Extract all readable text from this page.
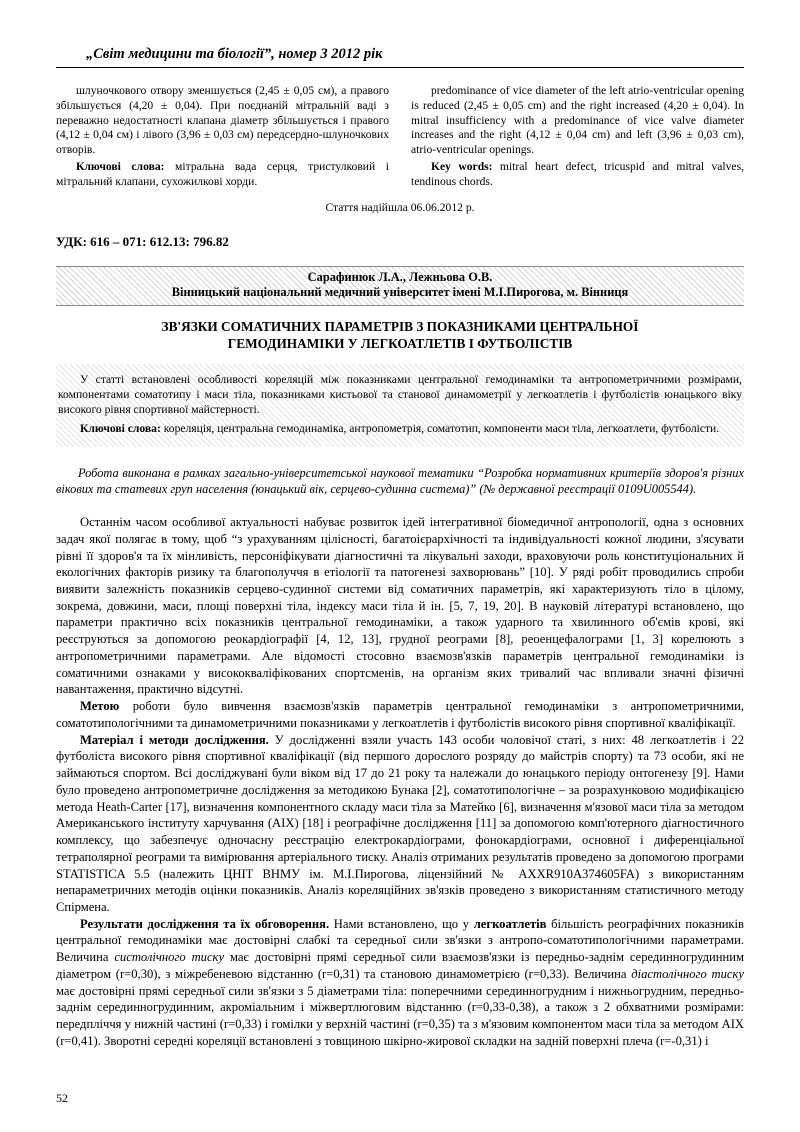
„Світ медицини та біології”, номер 3 2012 рік

шлуночкового отвору зменшується (2,45 ± 0,05 см), а правого збільшується (4,20 ± 0,04). При поєднаній мітральній ваді з переважно недостатності клапана діаметр збільшується і правого (4,12 ± 0,04 см) і лівого (3,96 ± 0,03 см) передсердно-шлуночкових отворів.

Ключові слова: мітральна вада серця, тристулковий і мітральний клапани, сухожилкові хорди.

predominance of vice diameter of the left atrio-ventricular opening is reduced (2,45 ± 0,05 cm) and the right increased (4,20 ± 0,04). In mitral insufficiency with a predominance of vice valve diameter increases and the right (4,12 ± 0,04 cm) and left (3,96 ± 0,03 cm), atrio-ventricular openings.

Key words: mitral heart defect, tricuspid and mitral valves, tendinous chords.

Стаття надійшла 06.06.2012 р.
УДК: 616 – 071: 612.13: 796.82
Сарафинюк Л.А., Лежньова О.В.
Вінницький національний медичний університет імені М.І.Пирогова, м. Вінниця
ЗВ'ЯЗКИ СОМАТИЧНИХ ПАРАМЕТРІВ З ПОКАЗНИКАМИ ЦЕНТРАЛЬНОЇ
ГЕМОДИНАМІКИ У ЛЕГКОАТЛЕТІВ І ФУТБОЛІСТІВ

У статті встановлені особливості кореляцій між показниками центральної гемодинаміки та антропометричними розмірами, компонентами соматотипу і маси тіла, показниками кистьової та станової динамометрії у легкоатлетів і футболістів юнацького віку високого рівня спортивної майстерності.

Ключові слова: кореляція, центральна гемодинаміка, антропометрія, соматотип, компоненти маси тіла, легкоатлети, футболісти.

Робота виконана в рамках загально-університетської наукової тематики “Розробка нормативних критеріїв здоров'я різних вікових та статевих груп населення (юнацький вік, серцево-судинна система)” (№ державної реєстрації 0109U005544).

Останнім часом особливої актуальності набуває розвиток ідей інтегративної біомедичної антропології, одна з основних задач якої полягає в тому, щоб “з урахуванням цілісності, багатоієрархічності та індивідуальності кожної людини, з'ясувати рівні її здоров'я та їх мінливість, персоніфікувати діагностичні та лікувальні заходи, враховуючи роль конституціональних й екологічних факторів ризику та благополуччя в етіології та патогенезі захворювань” [10]. У ряді робіт проводились спроби виявити залежність показників серцево-судинної системи від соматичних параметрів, які характеризують тіло в цілому, зокрема, довжини, маси, площі поверхні тіла, індексу маси тіла й ін. [5, 7, 19, 20]. В науковій літературі встановлено, що параметри практично всіх показників центральної гемодинаміки, а також ударного та хвилинного об'ємів крові, які реєструються за допомогою реокардіографії [4, 12, 13], грудної реограми [8], реоенцефалограми [1, 3] корелюють з антропометричними параметрами. Але відомості стосовно взаємозв'язків параметрів центральної гемодинаміки із соматичними ознаками у висококваліфікованих спортсменів, на організм яких тривалий час впливали значні фізичні навантаження, практично відсутні.

Метою роботи було вивчення взаємозв'язків параметрів центральної гемодинаміки з антропометричними, соматотипологічними та динамометричними показниками у легкоатлетів і футболістів високого рівня спортивної кваліфікації.

Матеріал і методи дослідження. У дослідженні взяли участь 143 особи чоловічої статі, з них: 48 легкоатлетів і 22 футболіста високого рівня спортивної кваліфікації (від першого дорослого розряду до майстрів спорту) та 73 особи, які не займаються спортом. Всі досліджувані були віком від 17 до 21 року та належали до юнацького періоду онтогенезу [9]. Нами було проведено антропометричне дослідження за методикою Бунака [2], соматотипологічне – за розрахунковою модифікацією метода Heath-Carter [17], визначення компонентного складу маси тіла за Матейко [6], визначення м'язової маси тіла за методом Американського інституту харчування (AIX) [18] і реографічне дослідження [11] за допомогою комп'ютерного діагностичного комплексу, що забезпечує одночасну реєстрацію електрокардіограми, фонокардіограми, основної і диференціальної тетраполярної реограми та вимірювання артеріального тиску. Аналіз отриманих результатів проведено за допомогою програми STATISTICA 5.5 (належить ЦНІТ ВНМУ ім. М.І.Пирогова, ліцензійний № AXXR910A374605FA) з використанням непараметричних методів оцінки показників. Аналіз кореляційних зв'язків проведено з використанням статистичного методу Спірмена.

Результати дослідження та їх обговорення. Нами встановлено, що у легкоатлетів більшість реографічних показників центральної гемодинаміки має достовірні слабкі та середньої сили зв'язки з антропо-соматотипологічними параметрами. Величина систолічного тиску має достовірні прямі середньої сили взаємозв'язки із передньо-заднім серединногрудинним діаметром (r=0,30), з міжребеневою відстанню (r=0,31) та становою динамометрією (r=0,33). Величина діастолічного тиску має достовірні прямі середньої сили зв'язки з 5 діаметрами тіла: поперечними серединногрудним і нижньогрудним, передньо-заднім серединногрудинним, акроміальним і міжвертлюговим відстанню (r=0,33-0,38), а також з 2 обхватними розмірами: передпліччя у нижній частині (r=0,33) і гомілки у верхній частині (r=0,35) та з м'язовим компонентом маси тіла за методом AIX (r=0,41). Зворотні середні кореляції встановлені з товщиною шкірно-жирової складки на задній поверхні плеча (r=-0,31) і

52
